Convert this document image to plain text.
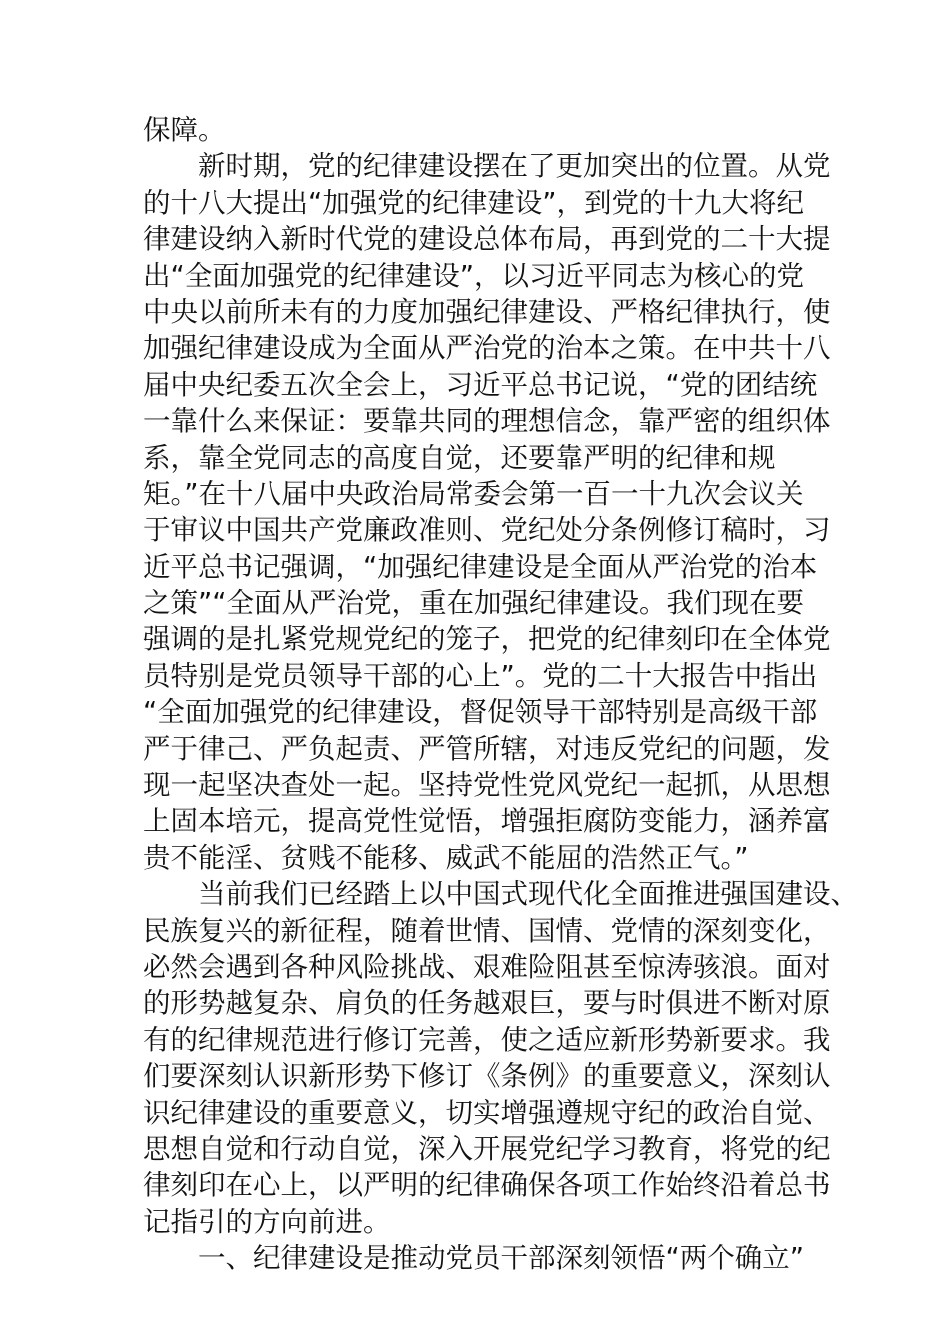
保障。
新时期，党的纪律建设摆在了更加突出的位置。从党
的十八大提出“加强党的纪律建设”，到党的十九大将纪
律建设纳入新时代党的建设总体布局，再到党的二十大提
出“全面加强党的纪律建设”，以习近平同志为核心的党
中央以前所未有的力度加强纪律建设、严格纪律执行，使
加强纪律建设成为全面从严治党的治本之策。在中共十八
届中央纪委五次全会上，习近平总书记说，“党的团结统
一靠什么来保证：要靠共同的理想信念，靠严密的组织体
系，靠全党同志的高度自觉，还要靠严明的纪律和规
矩。”在十八届中央政治局常委会第一百一十九次会议关
于审议中国共产党廉政准则、党纪处分条例修订稿时，习
近平总书记强调，“加强纪律建设是全面从严治党的治本
之策”“全面从严治党，重在加强纪律建设。我们现在要
强调的是扎紧党规党纪的笼子，把党的纪律刻印在全体党
员特别是党员领导干部的心上”。党的二十大报告中指出
“全面加强党的纪律建设，督促领导干部特别是高级干部
严于律己、严负起责、严管所辖，对违反党纪的问题，发
现一起坚决查处一起。坚持党性党风党纪一起抓，从思想
上固本培元，提高党性觉悟，增强拒腐防变能力，涵养富
贵不能淫、贫贱不能移、威武不能屈的浩然正气。”
当前我们已经踏上以中国式现代化全面推进强国建设、
民族复兴的新征程，随着世情、国情、党情的深刻变化，
必然会遇到各种风险挑战、艰难险阻甚至惊涛骇浪。面对
的形势越复杂、肩负的任务越艰巨，要与时俱进不断对原
有的纪律规范进行修订完善，使之适应新形势新要求。我
们要深刻认识新形势下修订《条例》的重要意义，深刻认
识纪律建设的重要意义，切实增强遵规守纪的政治自觉、
思想自觉和行动自觉，深入开展党纪学习教育，将党的纪
律刻印在心上，以严明的纪律确保各项工作始终沿着总书
记指引的方向前进。
一、纪律建设是推动党员干部深刻领悟“两个确立”
